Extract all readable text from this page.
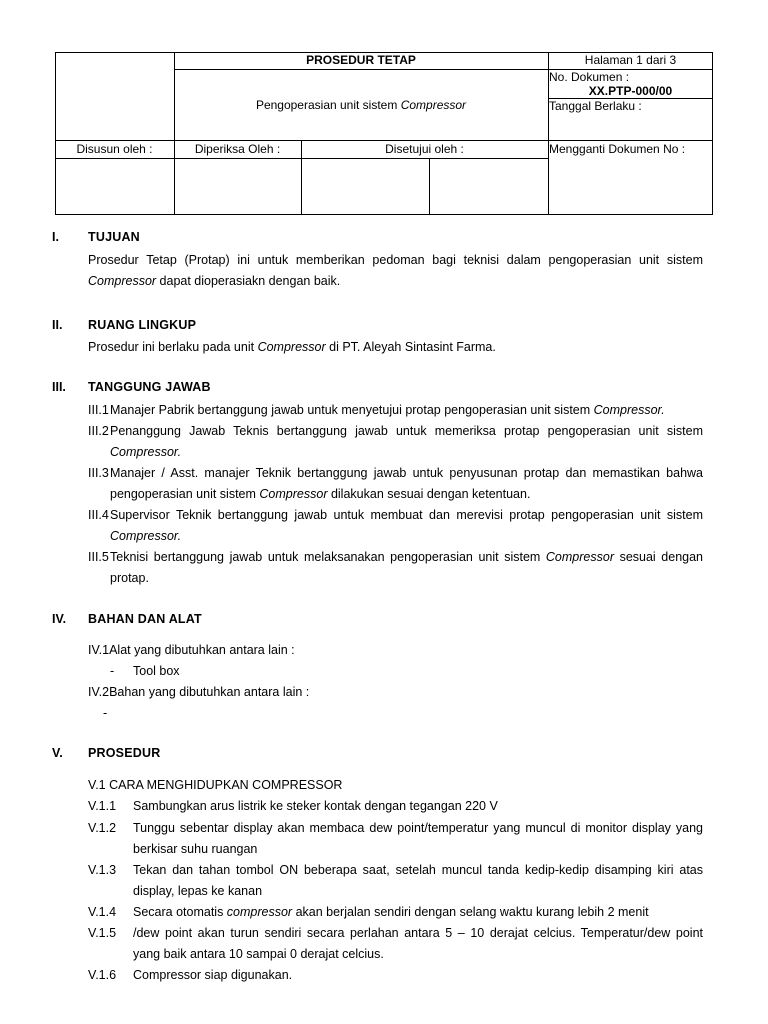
PROSEDUR TETAP	Halaman 1 dari 3
No. Dokumen :
XX.PTP-000/00
Pengoperasian unit sistem Compressor	Tanggal Berlaku :
Disusun oleh :	Diperiksa Oleh :	Disetujui oleh :	Mengganti Dokumen No :
I. TUJUAN
Prosedur Tetap (Protap) ini untuk memberikan pedoman bagi teknisi dalam pengoperasian unit sistem
Compressor dapat dioperasiakn dengan baik.
II. RUANG LINGKUP
Prosedur ini berlaku pada unit Compressor di PT. Aleyah Sintasint Farma.
III. TANGGUNG JAWAB
III.1 Manajer Pabrik bertanggung jawab untuk menyetujui protap pengoperasian unit sistem Compressor.
III.2 Penanggung Jawab Teknis bertanggung jawab untuk memeriksa protap pengoperasian unit sistem
Compressor.
III.3 Manajer / Asst. manajer Teknik bertanggung jawab untuk penyusunan protap dan memastikan bahwa
pengoperasian unit sistem Compressor dilakukan sesuai dengan ketentuan.
III.4 Supervisor Teknik bertanggung jawab untuk membuat dan merevisi protap pengoperasian unit sistem
Compressor.
III.5 Teknisi bertanggung jawab untuk melaksanakan pengoperasian unit sistem Compressor sesuai dengan
protap.
IV. BAHAN DAN ALAT
IV.1Alat yang dibutuhkan antara lain :
- Tool box
IV.2Bahan yang dibutuhkan antara lain :
-
V. PROSEDUR
V.1 CARA MENGHIDUPKAN COMPRESSOR
V.1.1 Sambungkan arus listrik ke steker kontak dengan tegangan 220 V
V.1.2 Tunggu sebentar display akan membaca dew point/temperatur yang muncul di monitor display yang
berkisar suhu ruangan
V.1.3 Tekan dan tahan tombol ON beberapa saat, setelah muncul tanda kedip-kedip disamping kiri atas
display, lepas ke kanan
V.1.4 Secara otomatis compressor akan berjalan sendiri dengan selang waktu kurang lebih 2 menit
V.1.5 /dew point akan turun sendiri secara perlahan antara 5 – 10 derajat celcius. Temperatur/dew point
yang baik antara 10 sampai 0 derajat celcius.
V.1.6 Compressor siap digunakan.
